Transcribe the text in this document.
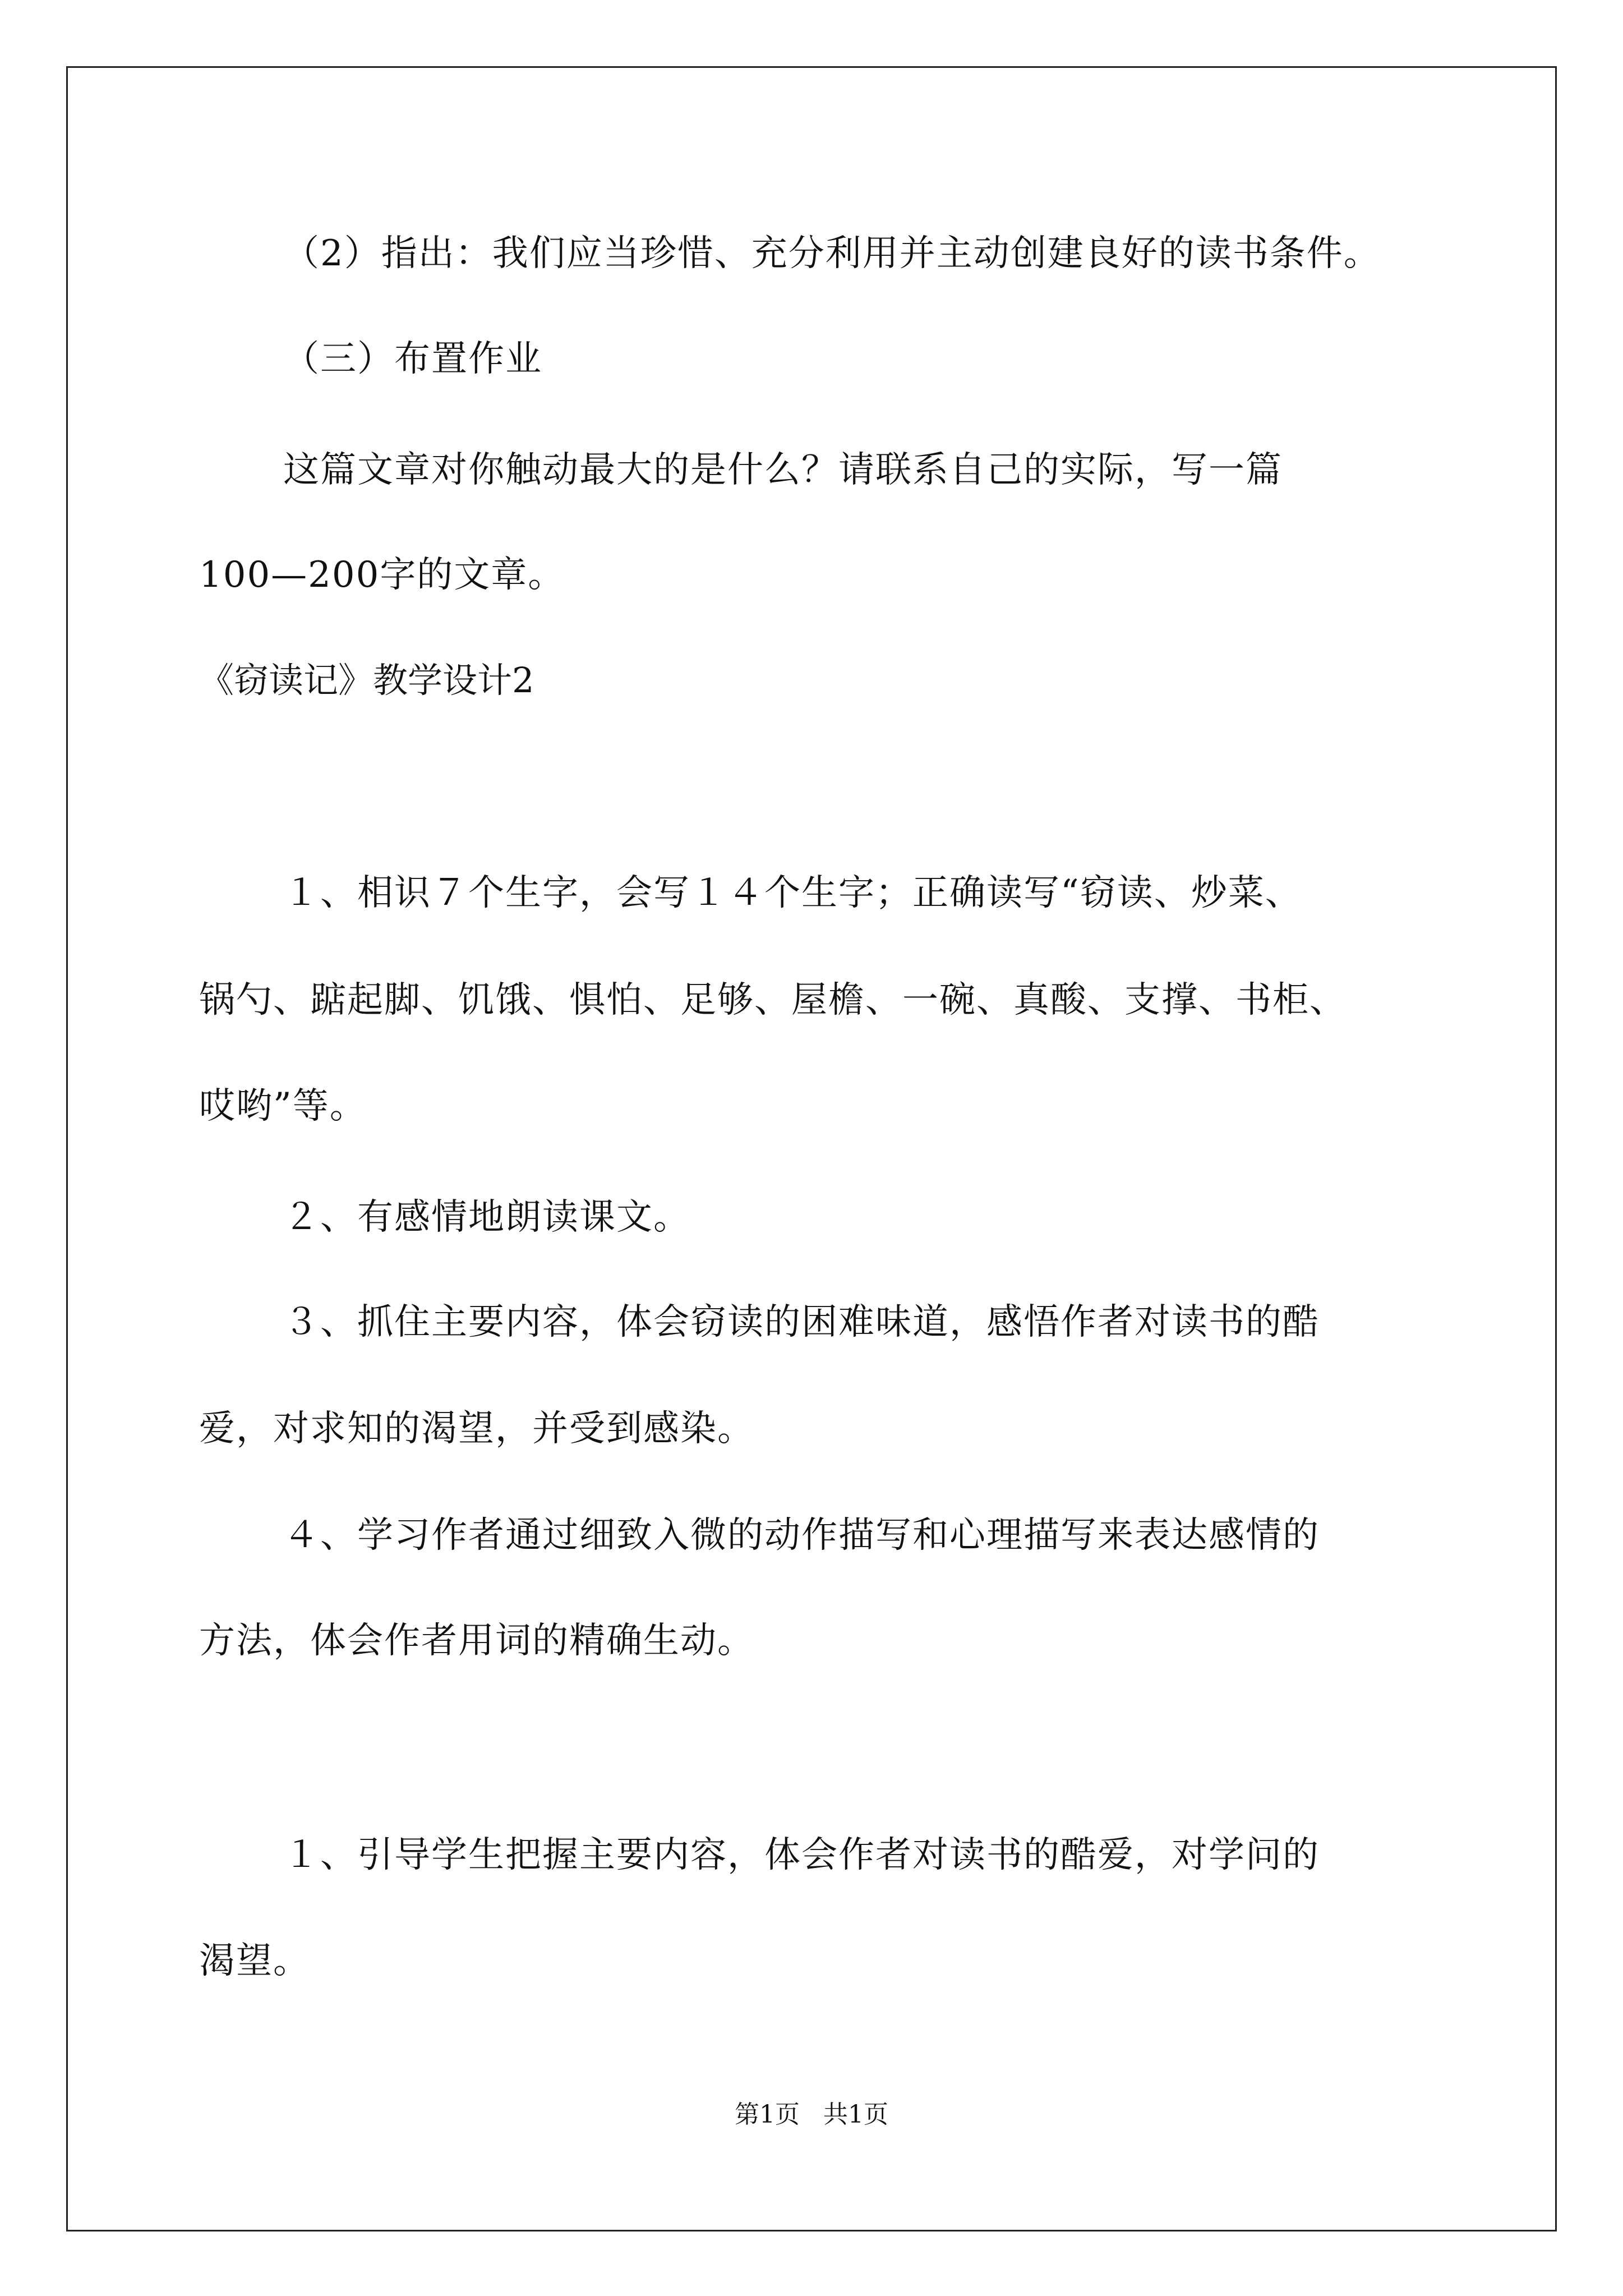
（2）指出：我们应当珍惜、充分利用并主动创建良好的读书条件。

（三）布置作业

这篇文章对你触动最大的是什么？请联系自己的实际，写一篇

100—200字的文章。

《窃读记》教学设计2

１、相识７个生字，会写１４个生字；正确读写“窃读、炒菜、

锅勺、踮起脚、饥饿、惧怕、足够、屋檐、一碗、真酸、支撑、书柜、

哎哟”等。

２、有感情地朗读课文。

３、抓住主要内容，体会窃读的困难味道，感悟作者对读书的酷

爱，对求知的渴望，并受到感染。

４、学习作者通过细致入微的动作描写和心理描写来表达感情的

方法，体会作者用词的精确生动。

１、引导学生把握主要内容，体会作者对读书的酷爱，对学问的

渴望。

第1页   共1页
